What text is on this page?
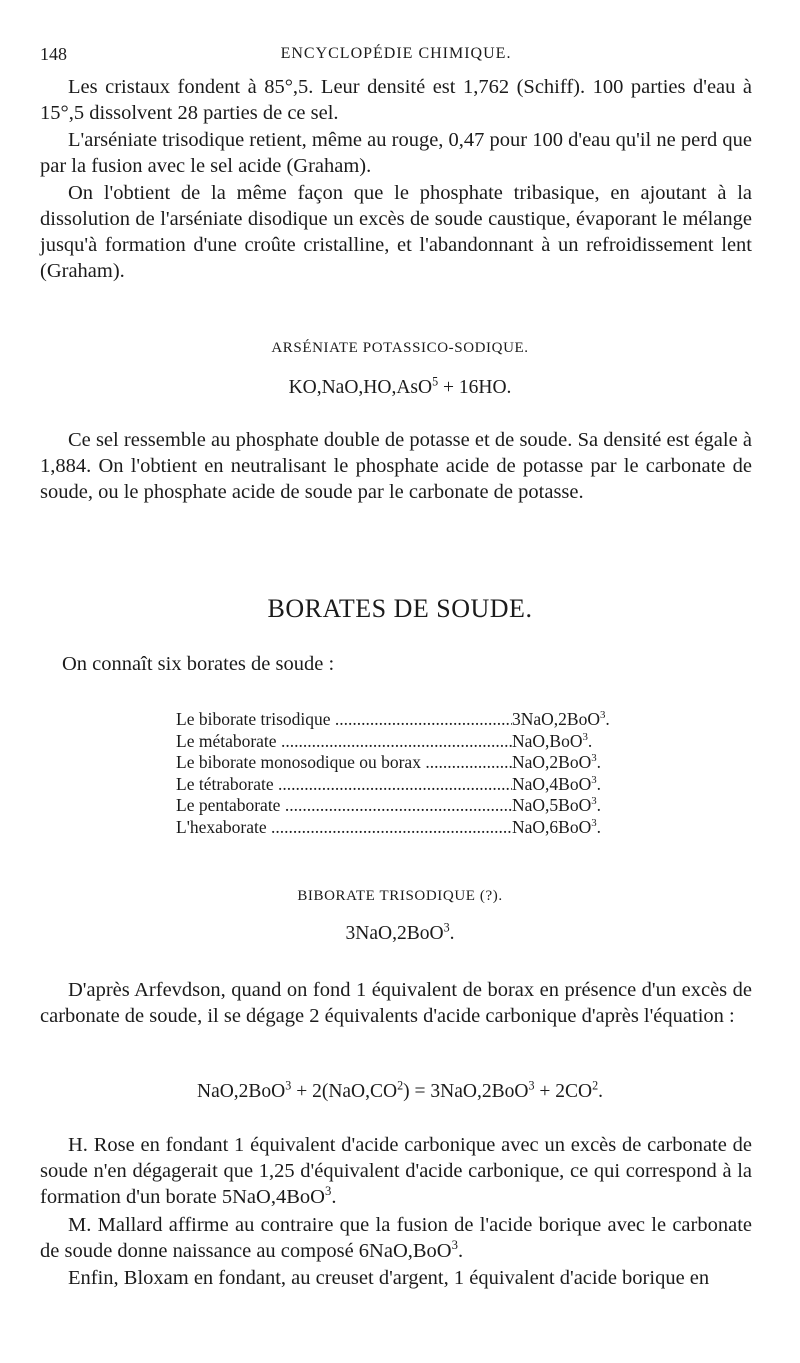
148	ENCYCLOPÉDIE CHIMIQUE.
Les cristaux fondent à 85°,5. Leur densité est 1,762 (Schiff). 100 parties d'eau à 15°,5 dissolvent 28 parties de ce sel.
L'arséniate trisodique retient, même au rouge, 0,47 pour 100 d'eau qu'il ne perd que par la fusion avec le sel acide (Graham).
On l'obtient de la même façon que le phosphate tribasique, en ajoutant à la dissolution de l'arséniate disodique un excès de soude caustique, évaporant le mélange jusqu'à formation d'une croûte cristalline, et l'abandonnant à un refroidissement lent (Graham).
ARSÉNIATE POTASSICO-SODIQUE.
KO,NaO,HO,AsO$^5$ + 16HO.
Ce sel ressemble au phosphate double de potasse et de soude. Sa densité est égale à 1,884. On l'obtient en neutralisant le phosphate acide de potasse par le carbonate de soude, ou le phosphate acide de soude par le carbonate de potasse.
BORATES DE SOUDE.
On connaît six borates de soude :
Le biborate trisodique .....	3NaO,2BoO$^3$.
Le métaborate .....	NaO,BoO$^3$.
Le biborate monosodique ou borax .....	NaO,2BoO$^3$.
Le tétraborate .....	NaO,4BoO$^3$.
Le pentaborate .....	NaO,5BoO$^3$.
L'hexaborate .....	NaO,6BoO$^3$.
BIBORATE TRISODIQUE (?).
3NaO,2BoO$^3$.
D'après Arfevdson, quand on fond 1 équivalent de borax en présence d'un excès de carbonate de soude, il se dégage 2 équivalents d'acide carbonique d'après l'équation :
$NaO,2BoO^3 + 2(NaO,CO^2) = 3NaO,2BoO^3 + 2CO^2$.
H. Rose en fondant 1 équivalent d'acide carbonique avec un excès de carbonate de soude n'en dégagerait que 1,25 d'équivalent d'acide carbonique, ce qui correspond à la formation d'un borate 5NaO,4BoO$^3$.
M. Mallard affirme au contraire que la fusion de l'acide borique avec le carbonate de soude donne naissance au composé 6NaO,BoO$^3$.
Enfin, Bloxam en fondant, au creuset d'argent, 1 équivalent d'acide borique en
